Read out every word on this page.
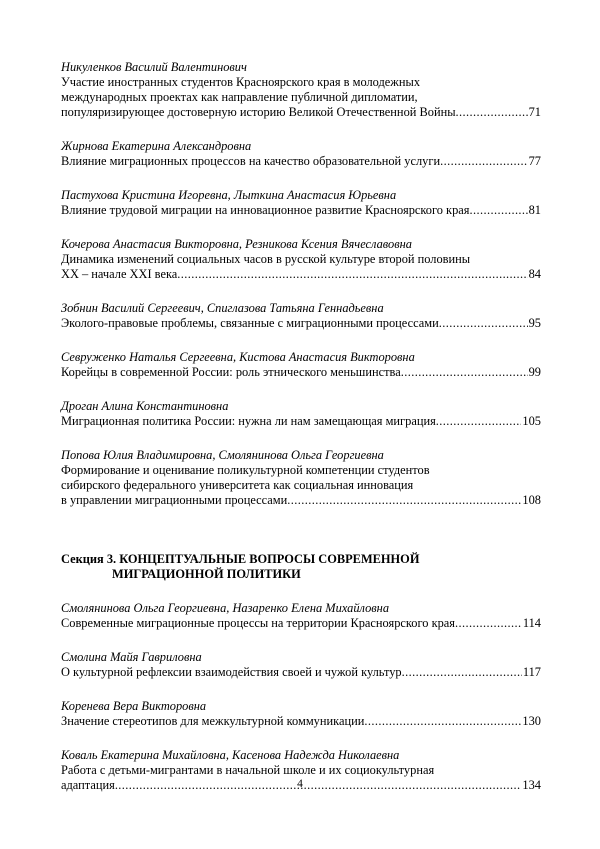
Никуленков Василий Валентинович
Участие иностранных студентов Красноярского края в молодежных
международных проектах как направление публичной дипломатии,
популяризирующее достоверную историю Великой Отечественной Войны .....	71
Жирнова Екатерина Александровна
Влияние миграционных процессов на качество образовательной услуги .....	77
Пастухова Кристина Игоревна, Лыткина Анастасия Юрьевна
Влияние трудовой миграции на инновационное развитие Красноярского края .....	81
Кочерова Анастасия Викторовна, Резникова Ксения Вячеславовна
Динамика изменений социальных часов в русской культуре второй половины
XX – начале XXI века .....	84
Зобнин Василий Сергеевич, Спиглазова Татьяна Геннадьевна
Эколого-правовые проблемы, связанные с миграционными процессами .....	95
Севруженко Наталья Сергеевна, Кистова Анастасия Викторовна
Корейцы в современной России: роль этнического меньшинства .....	99
Дроган Алина Константиновна
Миграционная политика России: нужна ли нам замещающая миграция .....	105
Попова Юлия Владимировна, Смолянинова Ольга Георгиевна
Формирование и оценивание поликультурной компетенции студентов
сибирского федерального университета как социальная инновация
в управлении миграционными процессами .....	108
Секция 3. КОНЦЕПТУАЛЬНЫЕ ВОПРОСЫ СОВРЕМЕННОЙ
МИГРАЦИОННОЙ ПОЛИТИКИ
Смолянинова Ольга Георгиевна, Назаренко Елена Михайловна
Современные миграционные процессы на территории Красноярского края .....	114
Смолина Майя Гавриловна
О культурной рефлексии взаимодействия своей и чужой культур .....	117
Коренева Вера Викторовна
Значение стереотипов для межкультурной коммуникации .....	130
Коваль Екатерина Михайловна, Касенова Надежда Николаевна
Работа с детьми-мигрантами в начальной школе и их социокультурная
адаптация .....	134
4
